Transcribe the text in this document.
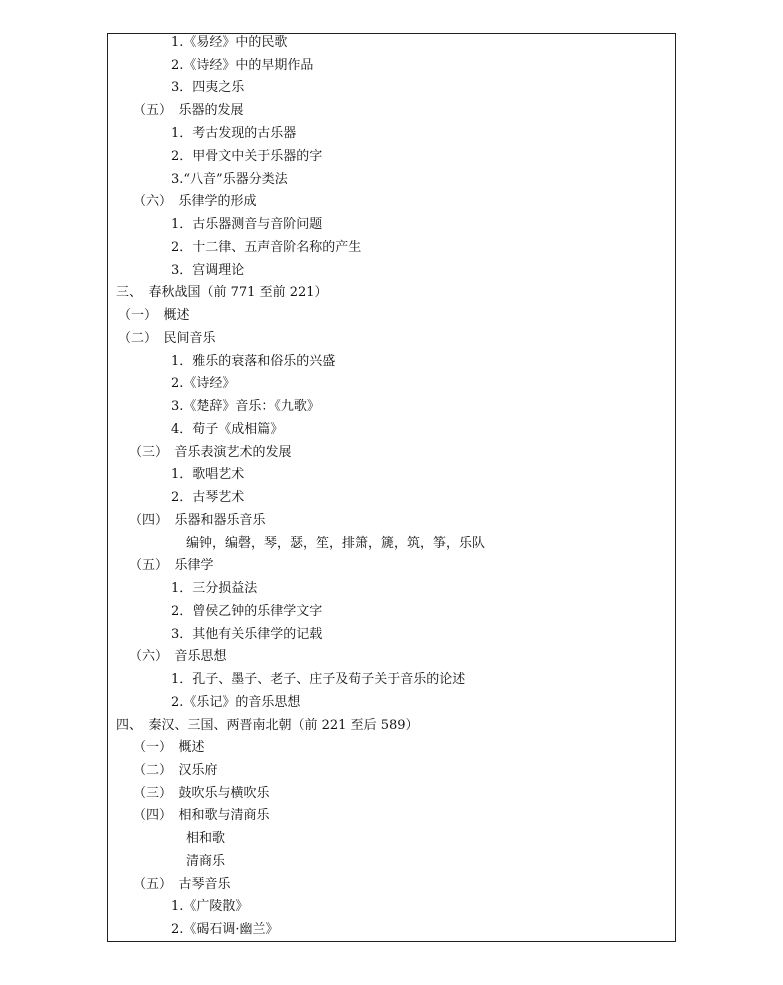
1.《易经》中的民歌
2.《诗经》中的早期作品
3．四夷之乐
（五）　乐器的发展
1．考古发现的古乐器
2．甲骨文中关于乐器的字
3.“八音”乐器分类法
（六）　乐律学的形成
1．古乐器测音与音阶问题
2．十二律、五声音阶名称的产生
3．宫调理论
三、　春秋战国（前 771 至前 221）
（一）　概述
（二）　民间音乐
1．雅乐的衰落和俗乐的兴盛
2.《诗经》
3.《楚辞》音乐：《九歌》
4．荀子《成相篇》
（三）　音乐表演艺术的发展
1．歌唱艺术
2．古琴艺术
（四）　乐器和器乐音乐
编钟，编磬，琴，瑟，笙，排箫，篪，筑，筝，乐队
（五）　乐律学
1．三分损益法
2．曾侯乙钟的乐律学文字
3．其他有关乐律学的记载
（六）　音乐思想
1．孔子、墨子、老子、庄子及荀子关于音乐的论述
2.《乐记》的音乐思想
四、　秦汉、三国、两晋南北朝（前 221 至后 589）
（一）　概述
（二）　汉乐府
（三）　鼓吹乐与横吹乐
（四）　相和歌与清商乐
相和歌
清商乐
（五）　古琴音乐
1.《广陵散》
2.《碣石调·幽兰》
